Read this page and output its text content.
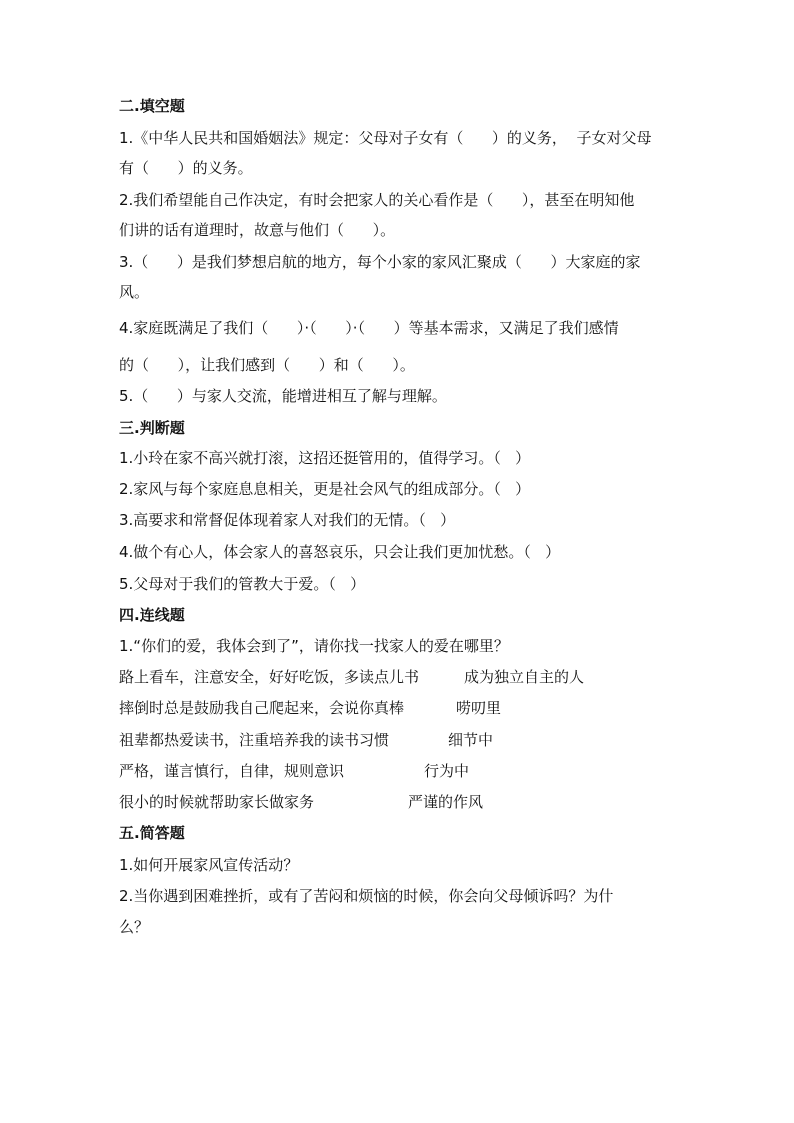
二.填空题
1.《中华人民共和国婚姻法》规定：父母对子女有（      ）的义务，  子女对父母
有（      ）的义务。
2.我们希望能自己作决定，有时会把家人的关心看作是（      ），甚至在明知他
们讲的话有道理时，故意与他们（      ）。
3.（      ）是我们梦想启航的地方，每个小家的家风汇聚成（      ）大家庭的家
风。
4.家庭既满足了我们（      ）·（      ）·（      ）等基本需求，又满足了我们感情
的（      ），让我们感到（      ）和（      ）。
5.（      ）与家人交流，能增进相互了解与理解。
三.判断题
1.小玲在家不高兴就打滚，这招还挺管用的，值得学习。（   ）
2.家风与每个家庭息息相关，更是社会风气的组成部分。（   ）
3.高要求和常督促体现着家人对我们的无情。（   ）
4.做个有心人，体会家人的喜怒哀乐，只会让我们更加忧愁。（   ）
5.父母对于我们的管教大于爱。（   ）
四.连线题
1.“你们的爱，我体会到了”，请你找一找家人的爱在哪里？
路上看车，注意安全，好好吃饭，多读点儿书	成为独立自主的人
摔倒时总是鼓励我自己爬起来，会说你真棒	唠叨里
祖辈都热爱读书，注重培养我的读书习惯	细节中
严格，谨言慎行，自律，规则意识	行为中
很小的时候就帮助家长做家务	严谨的作风
五.简答题
1.如何开展家风宣传活动？
2.当你遇到困难挫折，或有了苦闷和烦恼的时候，你会向父母倾诉吗？为什
么？
